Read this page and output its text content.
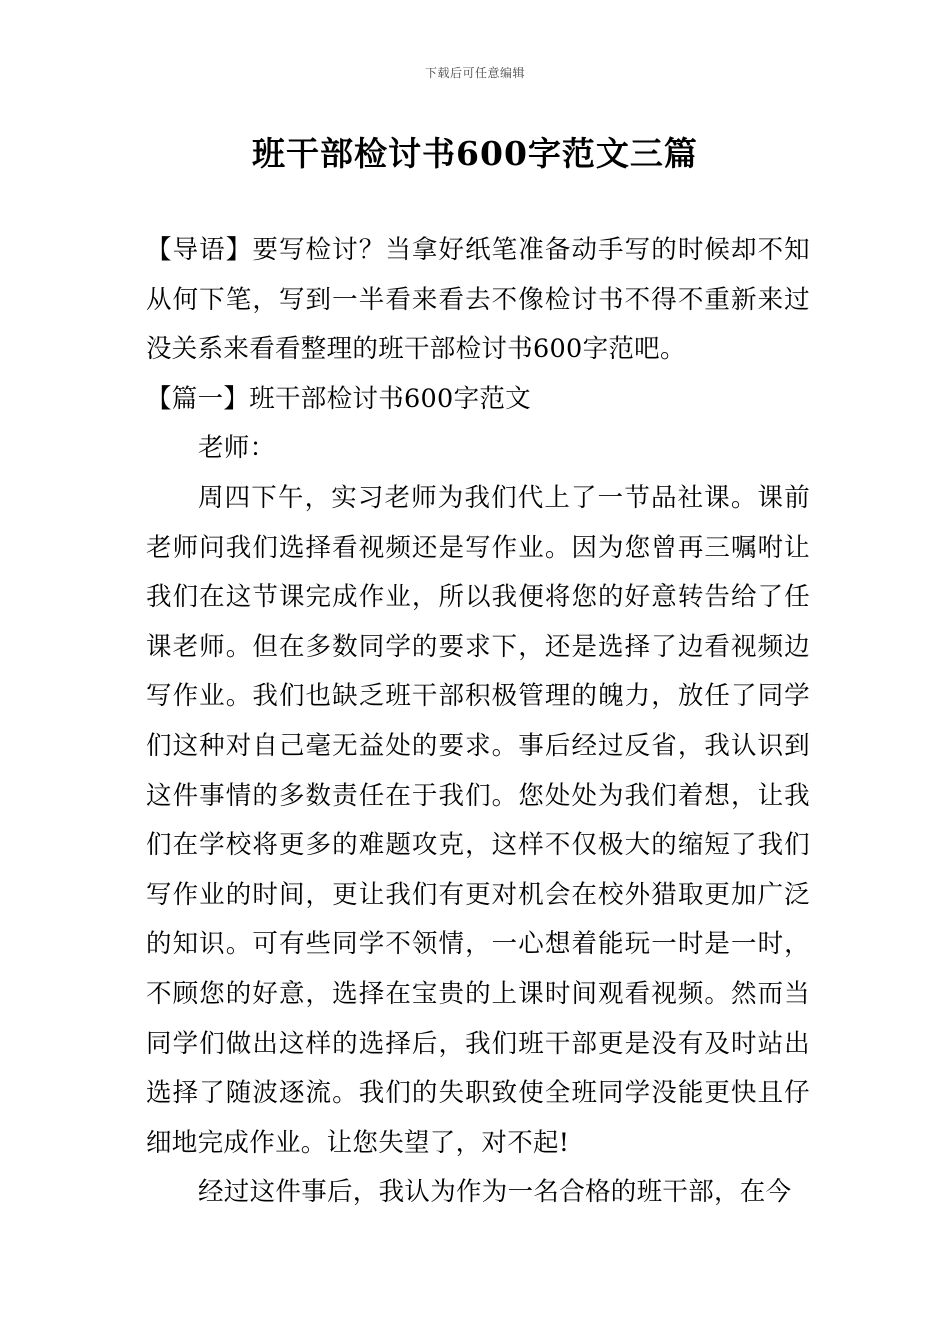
下载后可任意编辑
班干部检讨书600字范文三篇

【导语】要写检讨？当拿好纸笔准备动手写的时候却不知从何下笔，写到一半看来看去不像检讨书不得不重新来过没关系来看看整理的班干部检讨书600字范吧。

【篇一】班干部检讨书600字范文

老师：

周四下午，实习老师为我们代上了一节品社课。课前老师问我们选择看视频还是写作业。因为您曾再三嘱咐让我们在这节课完成作业，所以我便将您的好意转告给了任课老师。但在多数同学的要求下，还是选择了边看视频边写作业。我们也缺乏班干部积极管理的魄力，放任了同学们这种对自己毫无益处的要求。事后经过反省，我认识到这件事情的多数责任在于我们。您处处为我们着想，让我们在学校将更多的难题攻克，这样不仅极大的缩短了我们写作业的时间，更让我们有更对机会在校外猎取更加广泛的知识。可有些同学不领情，一心想着能玩一时是一时，不顾您的好意，选择在宝贵的上课时间观看视频。然而当同学们做出这样的选择后，我们班干部更是没有及时站出选择了随波逐流。我们的失职致使全班同学没能更快且仔细地完成作业。让您失望了，对不起!

经过这件事后，我认为作为一名合格的班干部，在今
